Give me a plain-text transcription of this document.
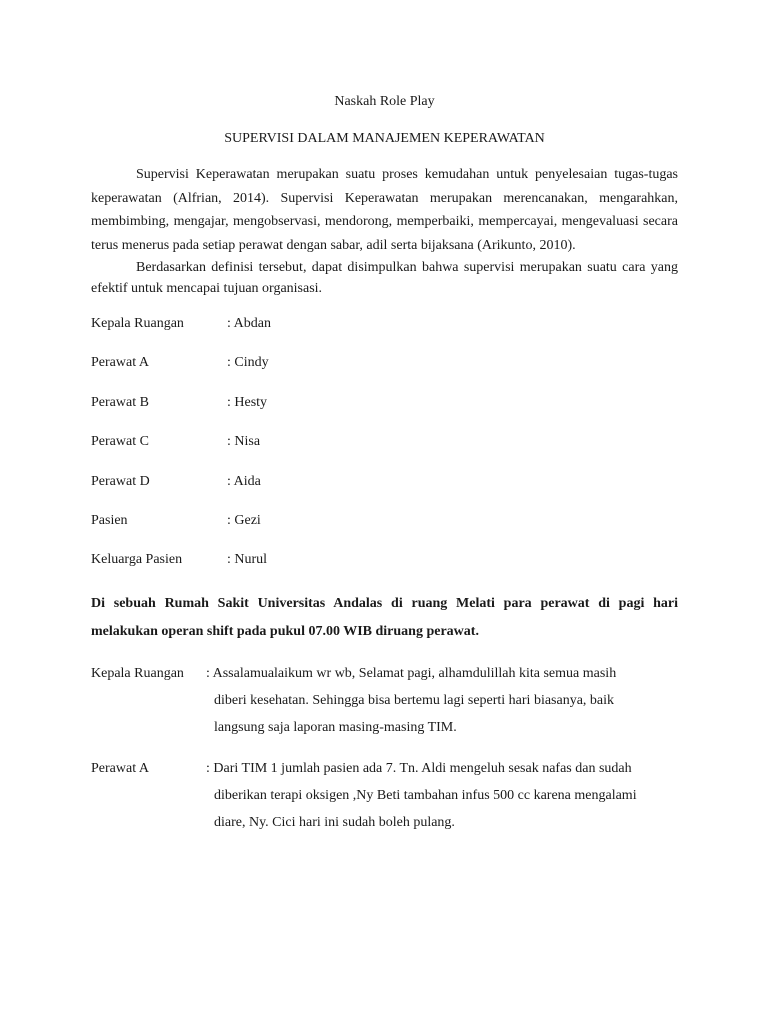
Naskah Role Play

SUPERVISI DALAM MANAJEMEN KEPERAWATAN

Supervisi Keperawatan merupakan suatu proses kemudahan untuk penyelesaian tugas-tugas keperawatan (Alfrian, 2014). Supervisi Keperawatan merupakan merencanakan, mengarahkan, membimbing, mengajar, mengobservasi, mendorong, memperbaiki, mempercayai, mengevaluasi secara terus menerus pada setiap perawat dengan sabar, adil serta bijaksana (Arikunto, 2010).

Berdasarkan definisi tersebut, dapat disimpulkan bahwa supervisi merupakan suatu cara yang efektif untuk mencapai tujuan organisasi.

Kepala Ruangan	: Abdan
Perawat A	: Cindy
Perawat B	: Hesty
Perawat C	: Nisa
Perawat D	: Aida
Pasien	: Gezi
Keluarga Pasien	: Nurul

Di sebuah Rumah Sakit Universitas Andalas di ruang Melati para perawat di pagi hari melakukan operan shift pada pukul 07.00 WIB diruang perawat.

Kepala Ruangan	: Assalamualaikum wr wb, Selamat pagi, alhamdulillah kita semua masih diberi kesehatan. Sehingga bisa bertemu lagi seperti hari biasanya, baik langsung saja laporan masing-masing TIM.
Perawat A	: Dari TIM 1 jumlah pasien ada 7. Tn. Aldi mengeluh sesak nafas dan sudah diberikan terapi oksigen ,Ny Beti tambahan infus 500 cc karena mengalami diare, Ny. Cici hari ini sudah boleh pulang.
